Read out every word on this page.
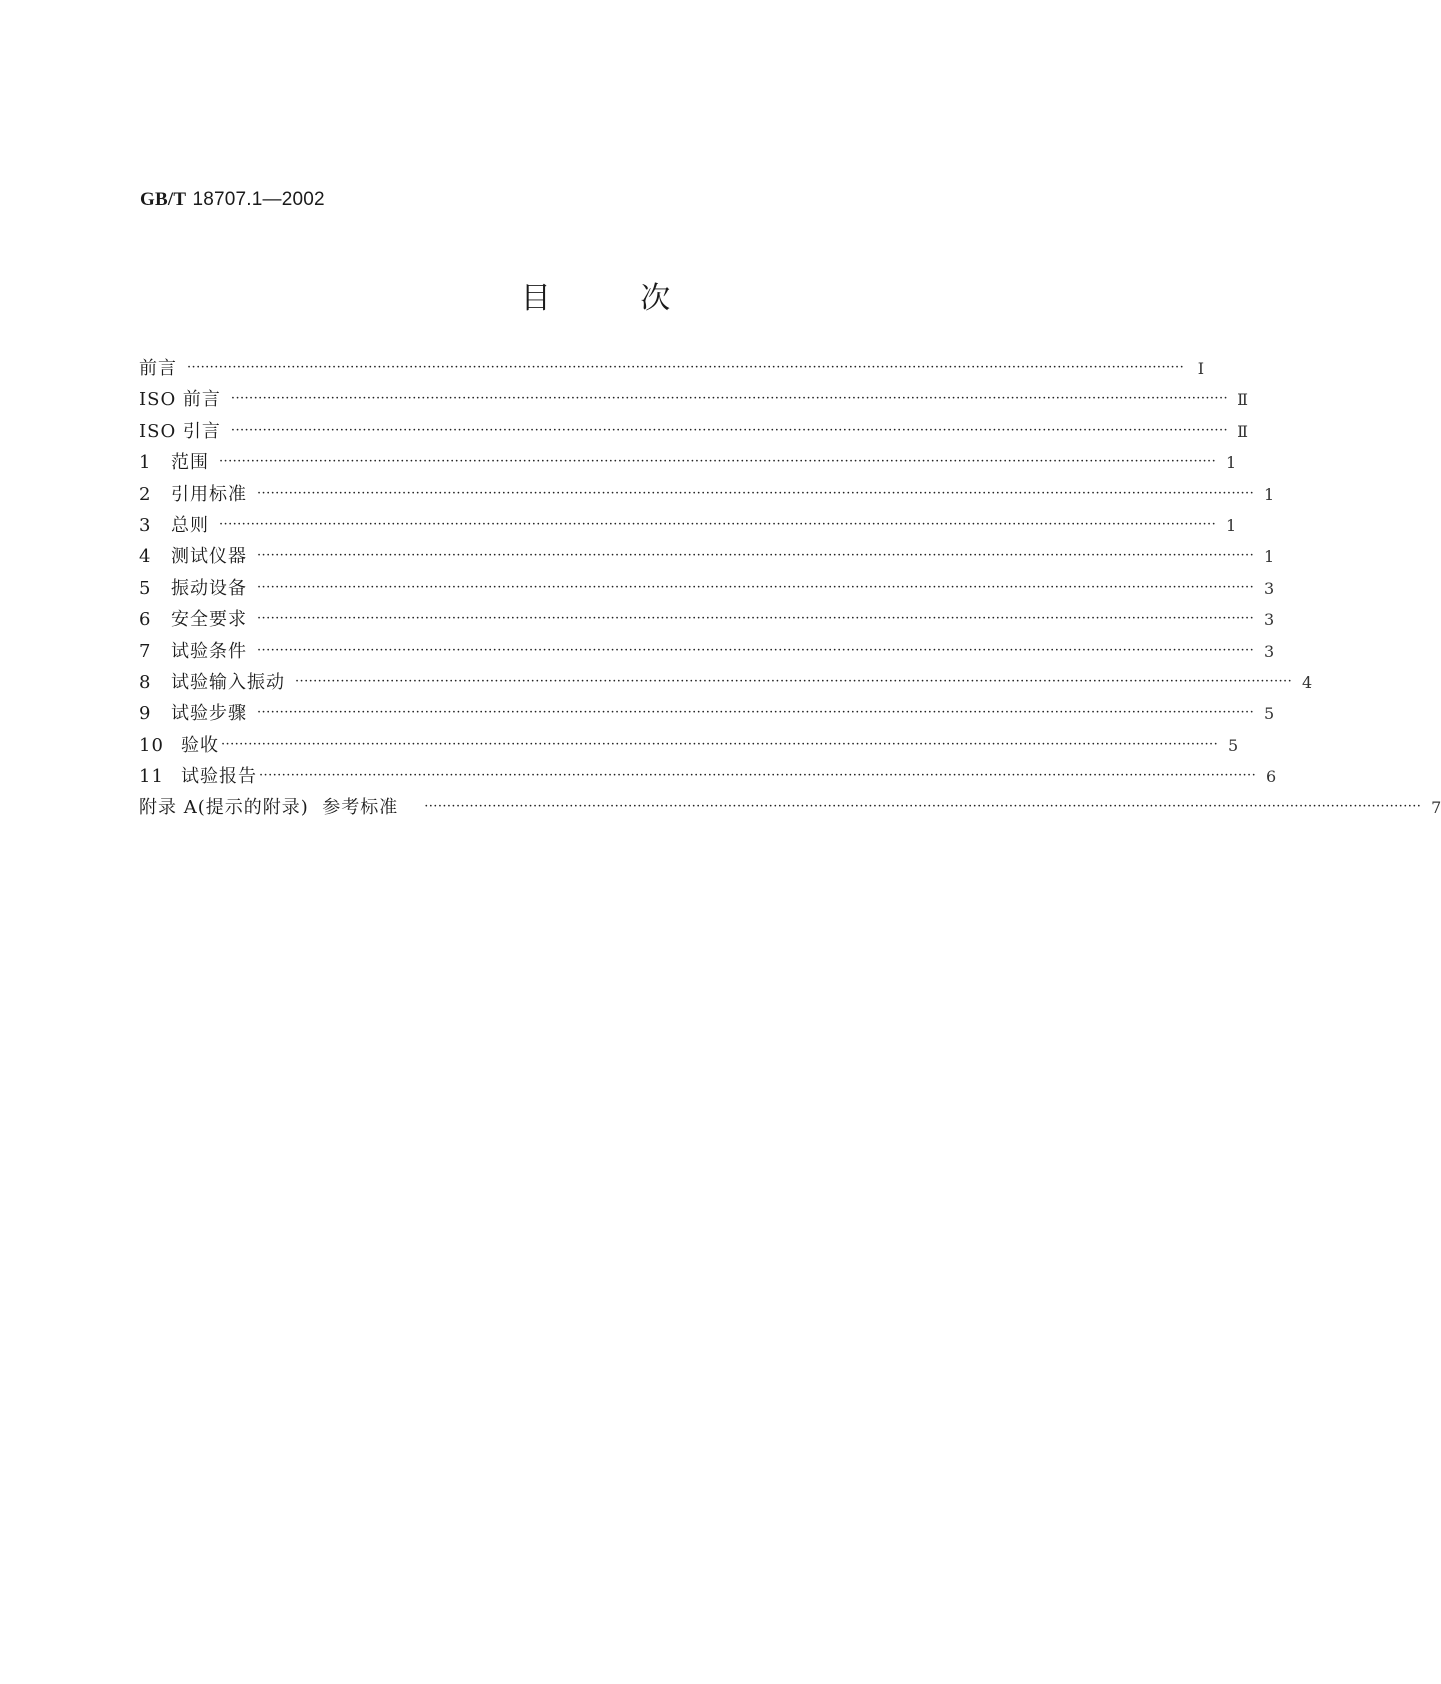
GB/T 18707.1—2002
目 次
前言 ···························································································································································································································· Ⅰ
ISO 前言 ···························································································································································································································· Ⅱ
ISO 引言 ···························································································································································································································· Ⅱ
1 范围 ···························································································································································································································· 1
2 引用标准 ···························································································································································································································· 1
3 总则 ···························································································································································································································· 1
4 测试仪器 ···························································································································································································································· 1
5 振动设备 ···························································································································································································································· 3
6 安全要求 ···························································································································································································································· 3
7 试验条件 ···························································································································································································································· 3
8 试验输入振动 ···························································································································································································································· 4
9 试验步骤 ···························································································································································································································· 5
10 验收 ···························································································································································································································· 5
11 试验报告 ···························································································································································································································· 6
附录 A(提示的附录)  参考标准 ···························································································································································································································· 7
